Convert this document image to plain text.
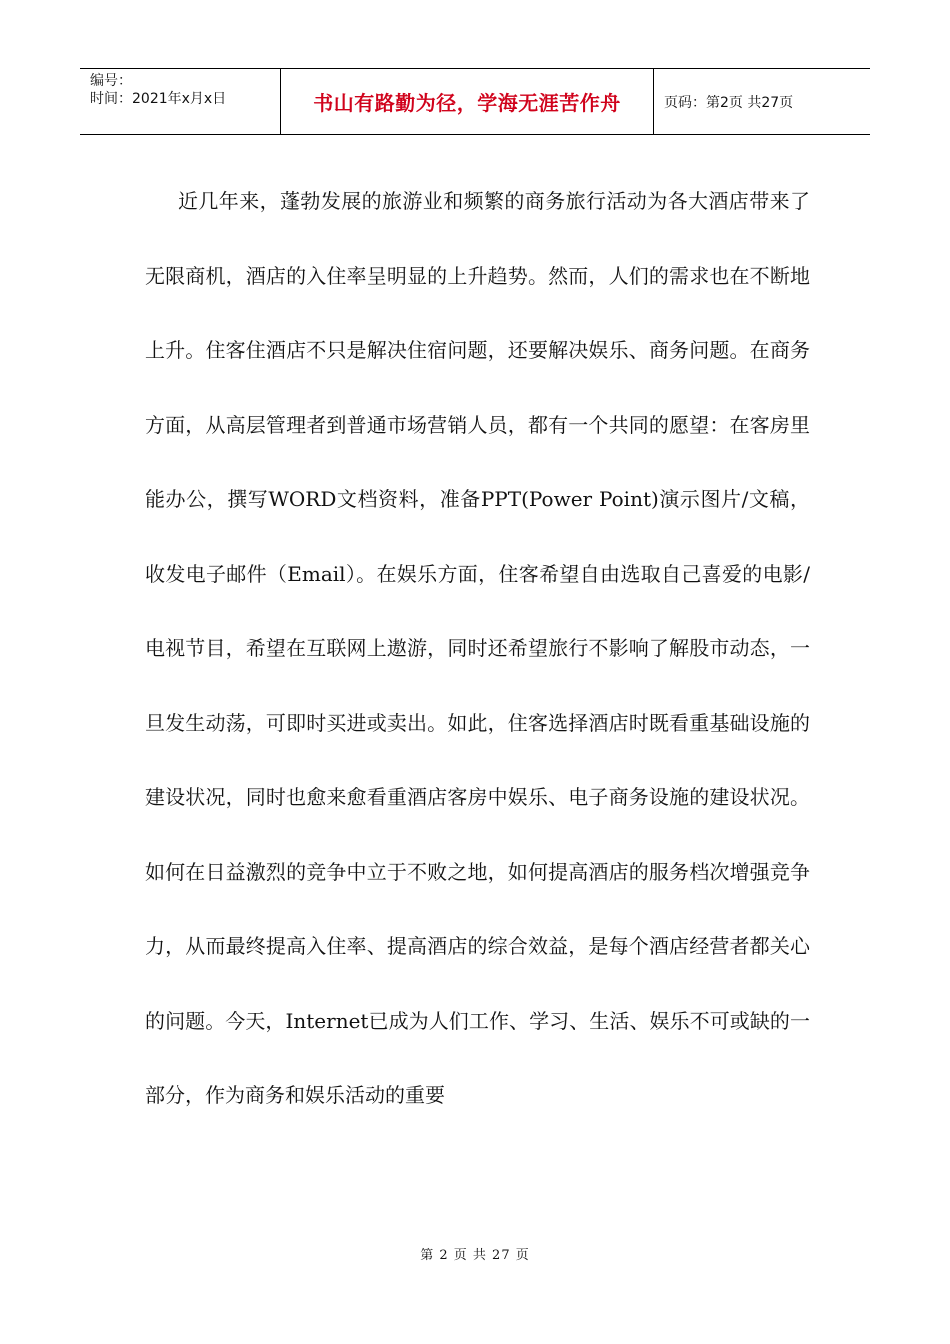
编号：
时间：2021年x月x日	书山有路勤为径，学海无涯苦作舟	页码：第2页 共27页

近几年来，蓬勃发展的旅游业和频繁的商务旅行活动为各大酒店带来了无限商机，酒店的入住率呈明显的上升趋势。然而，人们的需求也在不断地上升。住客住酒店不只是解决住宿问题，还要解决娱乐、商务问题。在商务方面，从高层管理者到普通市场营销人员，都有一个共同的愿望：在客房里能办公，撰写WORD文档资料，准备PPT(Power Point)演示图片/文稿，收发电子邮件（Email）。在娱乐方面，住客希望自由选取自己喜爱的电影/电视节目，希望在互联网上遨游，同时还希望旅行不影响了解股市动态，一旦发生动荡，可即时买进或卖出。如此，住客选择酒店时既看重基础设施的建设状况，同时也愈来愈看重酒店客房中娱乐、电子商务设施的建设状况。如何在日益激烈的竞争中立于不败之地，如何提高酒店的服务档次增强竞争力，从而最终提高入住率、提高酒店的综合效益，是每个酒店经营者都关心的问题。今天，Internet已成为人们工作、学习、生活、娱乐不可或缺的一部分，作为商务和娱乐活动的重要

第 2 页 共 27 页
